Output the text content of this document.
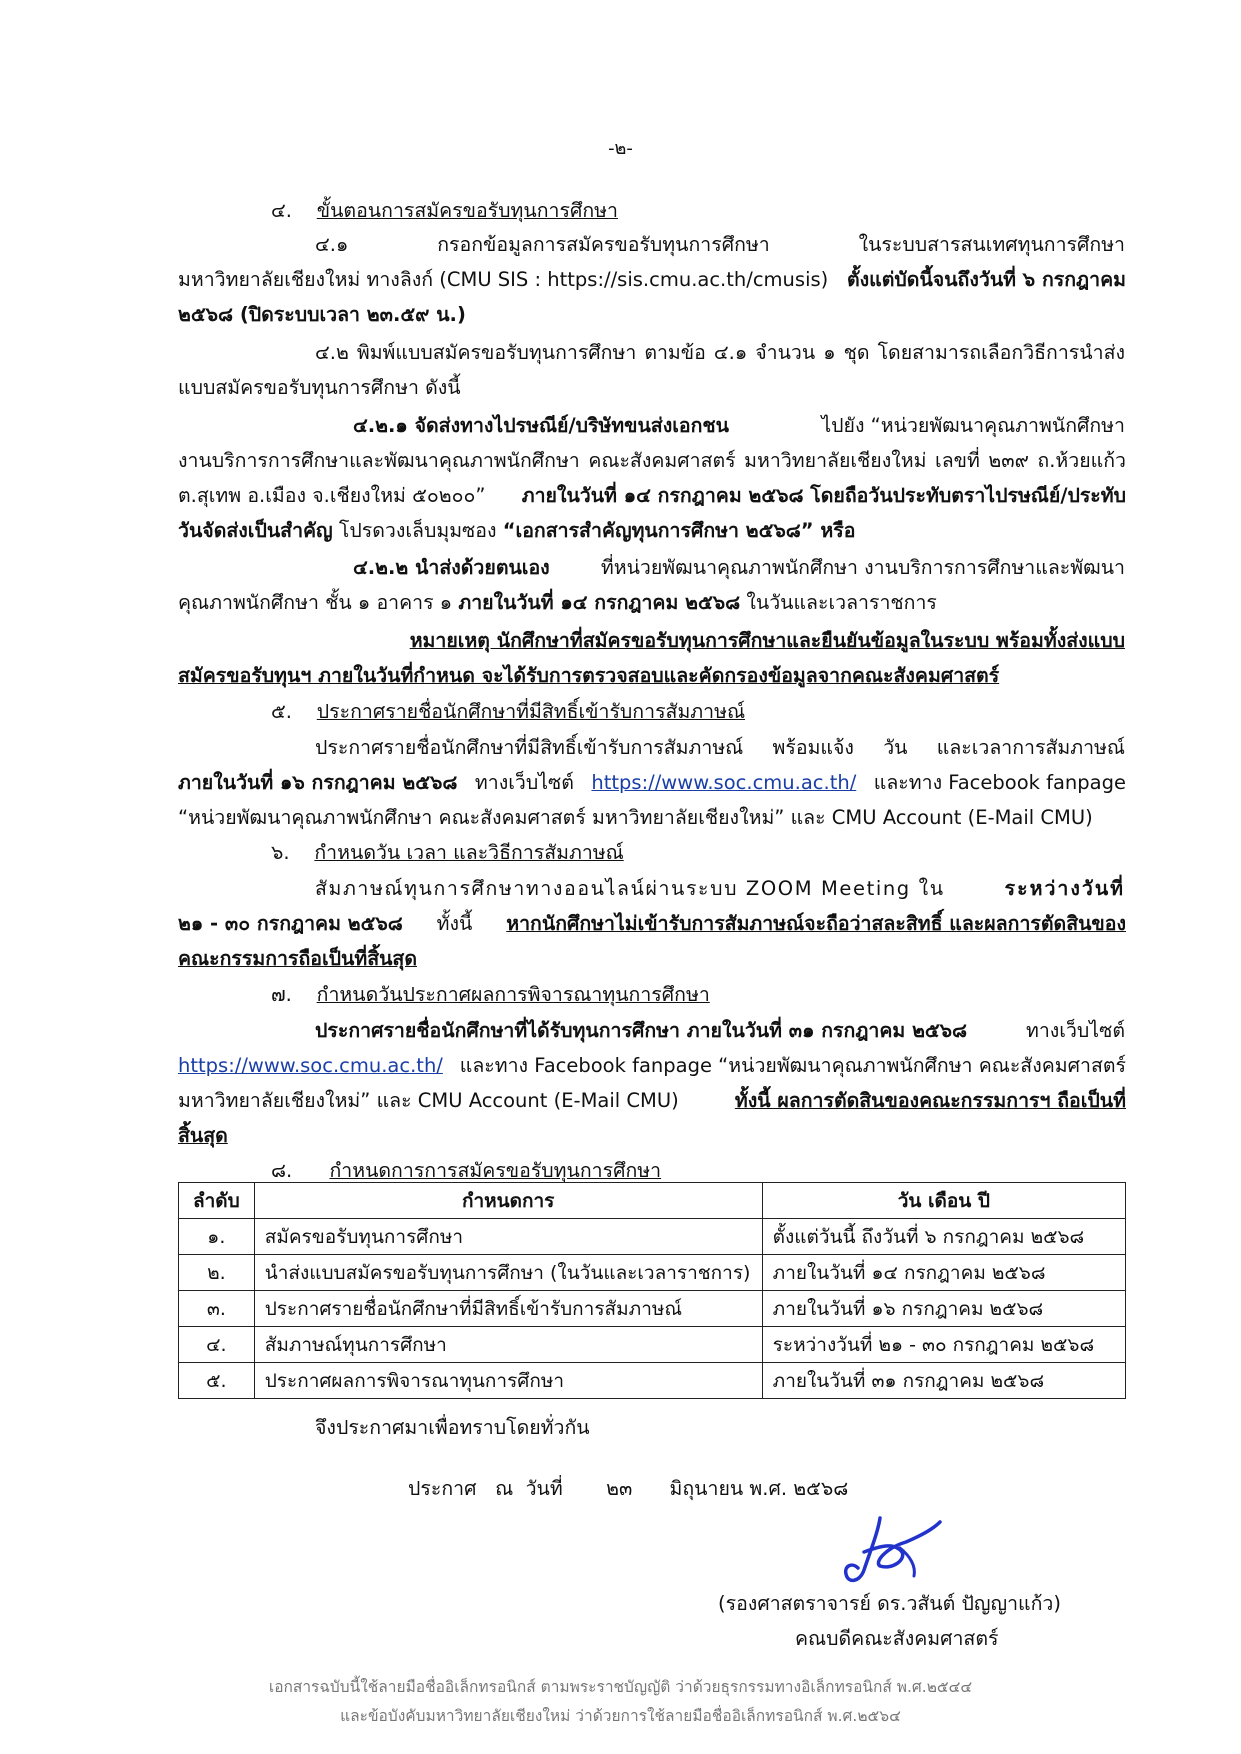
-๒-
๔. ขั้นตอนการสมัครขอรับทุนการศึกษา
๔.๑ กรอกข้อมูลการสมัครขอรับทุนการศึกษา ในระบบสารสนเทศทุนการศึกษา
มหาวิทยาลัยเชียงใหม่ ทางลิงก์ (CMU SIS : https://sis.cmu.ac.th/cmusis) ตั้งแต่บัดนี้จนถึงวันที่ ๖ กรกฎาคม
๒๕๖๘ (ปิดระบบเวลา ๒๓.๕๙ น.)
๔.๒ พิมพ์แบบสมัครขอรับทุนการศึกษา ตามข้อ ๔.๑ จำนวน ๑ ชุด โดยสามารถเลือกวิธีการนำส่ง
แบบสมัครขอรับทุนการศึกษา ดังนี้
๔.๒.๑ จัดส่งทางไปรษณีย์/บริษัทขนส่งเอกชน	ไปยัง “หน่วยพัฒนาคุณภาพนักศึกษา
งานบริการการศึกษาและพัฒนาคุณภาพนักศึกษา คณะสังคมศาสตร์ มหาวิทยาลัยเชียงใหม่ เลขที่ ๒๓๙ ถ.ห้วยแก้ว
ต.สุเทพ อ.เมือง จ.เชียงใหม่ ๕๐๒๐๐” ภายในวันที่ ๑๔ กรกฎาคม ๒๕๖๘ โดยถือวันประทับตราไปรษณีย์/ประทับ
วันจัดส่งเป็นสำคัญ โปรดวงเล็บมุมซอง “เอกสารสำคัญทุนการศึกษา ๒๕๖๘” หรือ
๔.๒.๒ นำส่งด้วยตนเอง	ที่หน่วยพัฒนาคุณภาพนักศึกษา งานบริการการศึกษาและพัฒนา
คุณภาพนักศึกษา ชั้น ๑ อาคาร ๑ ภายในวันที่ ๑๔ กรกฎาคม ๒๕๖๘ ในวันและเวลาราชการ
หมายเหตุ นักศึกษาที่สมัครขอรับทุนการศึกษาและยืนยันข้อมูลในระบบ พร้อมทั้งส่งแบบ
สมัครขอรับทุนฯ ภายในวันที่กำหนด จะได้รับการตรวจสอบและคัดกรองข้อมูลจากคณะสังคมศาสตร์
๕. ประกาศรายชื่อนักศึกษาที่มีสิทธิ์เข้ารับการสัมภาษณ์
ประกาศรายชื่อนักศึกษาที่มีสิทธิ์เข้ารับการสัมภาษณ์ พร้อมแจ้ง วัน และเวลาการสัมภาษณ์
ภายในวันที่ ๑๖ กรกฎาคม ๒๕๖๘ ทางเว็บไซต์ https://www.soc.cmu.ac.th/ และทาง Facebook fanpage
“หน่วยพัฒนาคุณภาพนักศึกษา คณะสังคมศาสตร์ มหาวิทยาลัยเชียงใหม่” และ CMU Account (E-Mail CMU)
๖. กำหนดวัน เวลา และวิธีการสัมภาษณ์
สัมภาษณ์ทุนการศึกษาทางออนไลน์ผ่านระบบ ZOOM Meeting ใน	ระหว่างวันที่
๒๑ - ๓๐ กรกฎาคม ๒๕๖๘ ทั้งนี้ หากนักศึกษาไม่เข้ารับการสัมภาษณ์จะถือว่าสละสิทธิ์ และผลการตัดสินของ
คณะกรรมการถือเป็นที่สิ้นสุด
๗. กำหนดวันประกาศผลการพิจารณาทุนการศึกษา
ประกาศรายชื่อนักศึกษาที่ได้รับทุนการศึกษา ภายในวันที่ ๓๑ กรกฎาคม ๒๕๖๘	ทางเว็บไซต์
https://www.soc.cmu.ac.th/ และทาง Facebook fanpage “หน่วยพัฒนาคุณภาพนักศึกษา คณะสังคมศาสตร์
มหาวิทยาลัยเชียงใหม่” และ CMU Account (E-Mail CMU)	ทั้งนี้ ผลการตัดสินของคณะกรรมการฯ ถือเป็นที่
สิ้นสุด
๘. กำหนดการการสมัครขอรับทุนการศึกษา
ลำดับ	กำหนดการ	วัน เดือน ปี
๑.	สมัครขอรับทุนการศึกษา	ตั้งแต่วันนี้ ถึงวันที่ ๖ กรกฎาคม ๒๕๖๘
๒.	นำส่งแบบสมัครขอรับทุนการศึกษา (ในวันและเวลาราชการ)	ภายในวันที่ ๑๔ กรกฎาคม ๒๕๖๘
๓.	ประกาศรายชื่อนักศึกษาที่มีสิทธิ์เข้ารับการสัมภาษณ์	ภายในวันที่ ๑๖ กรกฎาคม ๒๕๖๘
๔.	สัมภาษณ์ทุนการศึกษา	ระหว่างวันที่ ๒๑ - ๓๐ กรกฎาคม ๒๕๖๘
๕.	ประกาศผลการพิจารณาทุนการศึกษา	ภายในวันที่ ๓๑ กรกฎาคม ๒๕๖๘
จึงประกาศมาเพื่อทราบโดยทั่วกัน
ประกาศ ณ วันที่ ๒๓ มิถุนายน พ.ศ. ๒๕๖๘
(รองศาสตราจารย์ ดร.วสันต์ ปัญญาแก้ว)
คณบดีคณะสังคมศาสตร์
เอกสารฉบับนี้ใช้ลายมือชื่ออิเล็กทรอนิกส์ ตามพระราชบัญญัติ ว่าด้วยธุรกรรมทางอิเล็กทรอนิกส์ พ.ศ.๒๕๔๔
และข้อบังคับมหาวิทยาลัยเชียงใหม่ ว่าด้วยการใช้ลายมือชื่ออิเล็กทรอนิกส์ พ.ศ.๒๕๖๔
